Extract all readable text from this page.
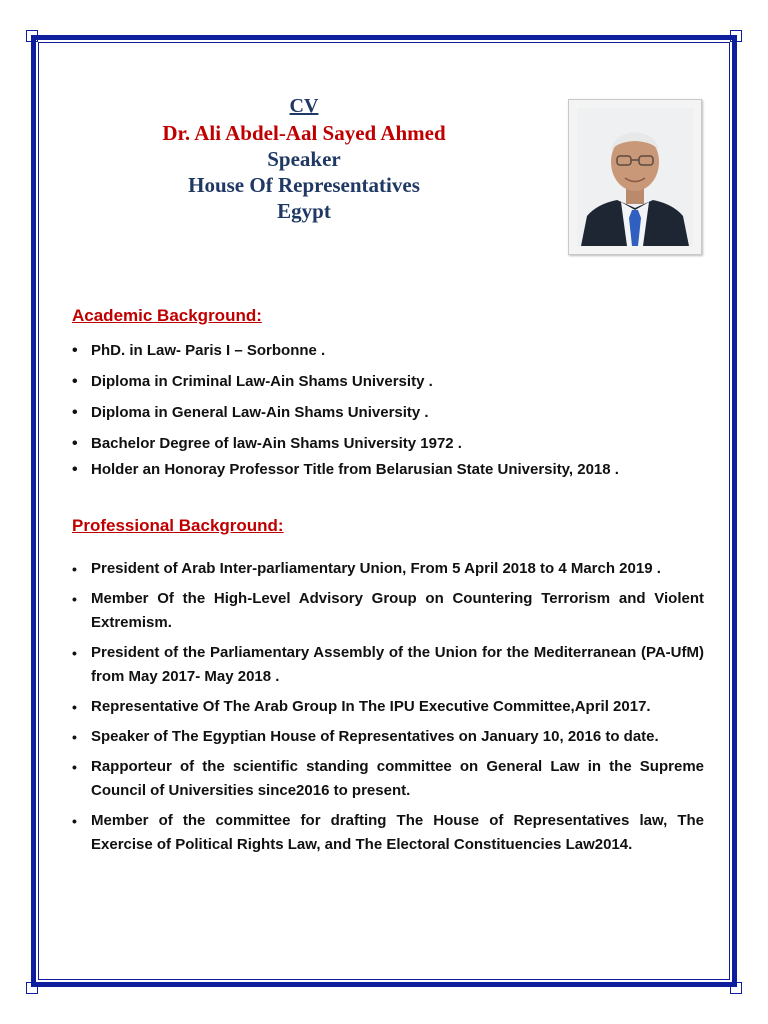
CV
Dr. Ali Abdel-Aal Sayed Ahmed
Speaker
House Of Representatives
Egypt
Academic Background:
• PhD. in Law- Paris I – Sorbonne .
• Diploma in Criminal Law-Ain Shams University .
• Diploma in General Law-Ain Shams University .
• Bachelor Degree of law-Ain Shams University 1972 .
• Holder an Honoray Professor Title from Belarusian State University, 2018 .
Professional Background:
• President of Arab Inter-parliamentary Union, From 5 April 2018 to 4 March 2019 .
• Member Of the High-Level Advisory Group on Countering Terrorism and Violent Extremism.
• President of the Parliamentary Assembly of the Union for the Mediterranean (PA-UfM) from May 2017- May 2018 .
• Representative Of The Arab Group In The IPU Executive Committee,April 2017.
• Speaker of The Egyptian House of Representatives on January 10, 2016 to date.
• Rapporteur of the scientific standing committee on General Law in the Supreme Council of Universities since2016 to present.
• Member of the committee for drafting The House of Representatives law, The Exercise of Political Rights Law, and The Electoral Constituencies Law2014.
